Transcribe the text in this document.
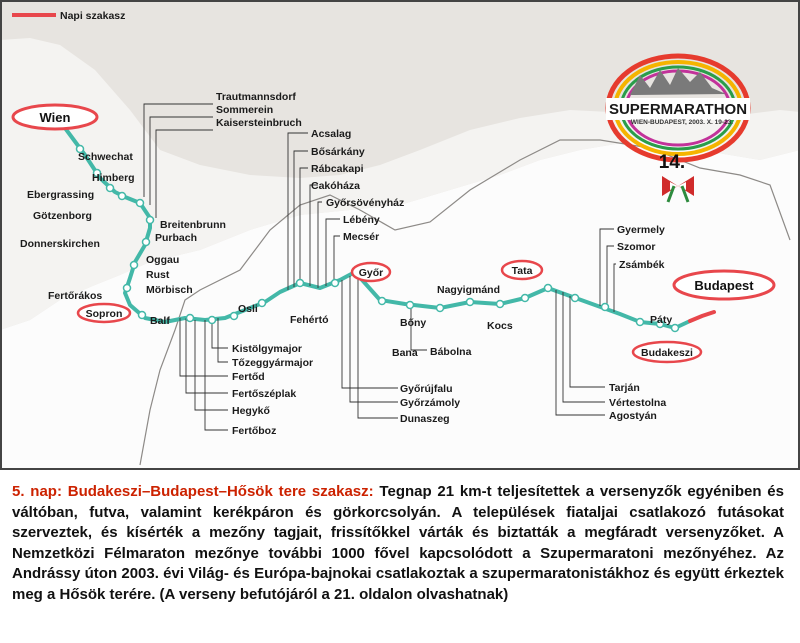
Napi szakasz
SUPERMARATHON
WIEN-BUDAPEST, 2003. X. 19-23.
14.
Wien
Sopron
Győr	Tata
Budapest
Budakeszi
Trautmannsdorf
Sommerein
Kaisersteinbruch
Schwechat
Himberg
Ebergrassing
Götzenborg
Breitenbrunn
Purbach
Donnerskirchen
Oggau
Rust
Mörbisch
Fertőrákos
Balf
Osli
Fehértó
Kistölgymajor
Tőzeggyármajor
Fertőd
Fertőszéplak
Hegykő
Fertőboz
Acsalag
Bősárkány
Rábcakapi
Cakóháza
Győrsövényház
Lébény
Mecsér
Bőny
Bana Bábolna
Nagyigmánd
Kocs
Győrújfalu
Győrzámoly
Dunaszeg
Gyermely
Szomor
Zsámbék
Páty
Tarján
Vértestolna
Agostyán
5. nap: Budakeszi–Budapest–Hősök tere szakasz: Tegnap 21 km-t teljesítettek a versenyzők egyéniben és váltóban, futva, valamint kerékpáron és görkorcsolyán. A települések fiataljai csatlakozó futásokat szerveztek, és kísérték a mezőny tagjait, frissítőkkel várták és biztatták a megfáradt versenyzőket. A Nemzetközi Félmaraton mezőnye további 1000 fővel kapcsolódott a Szupermaratoni mezőnyéhez. Az Andrássy úton 2003. évi Világ- és Európa-bajnokai csatlakoztak a szupermaratonistákhoz és együtt érkeztek meg a Hősök terére. (A verseny befutójáról a 21. oldalon olvashatnak)
